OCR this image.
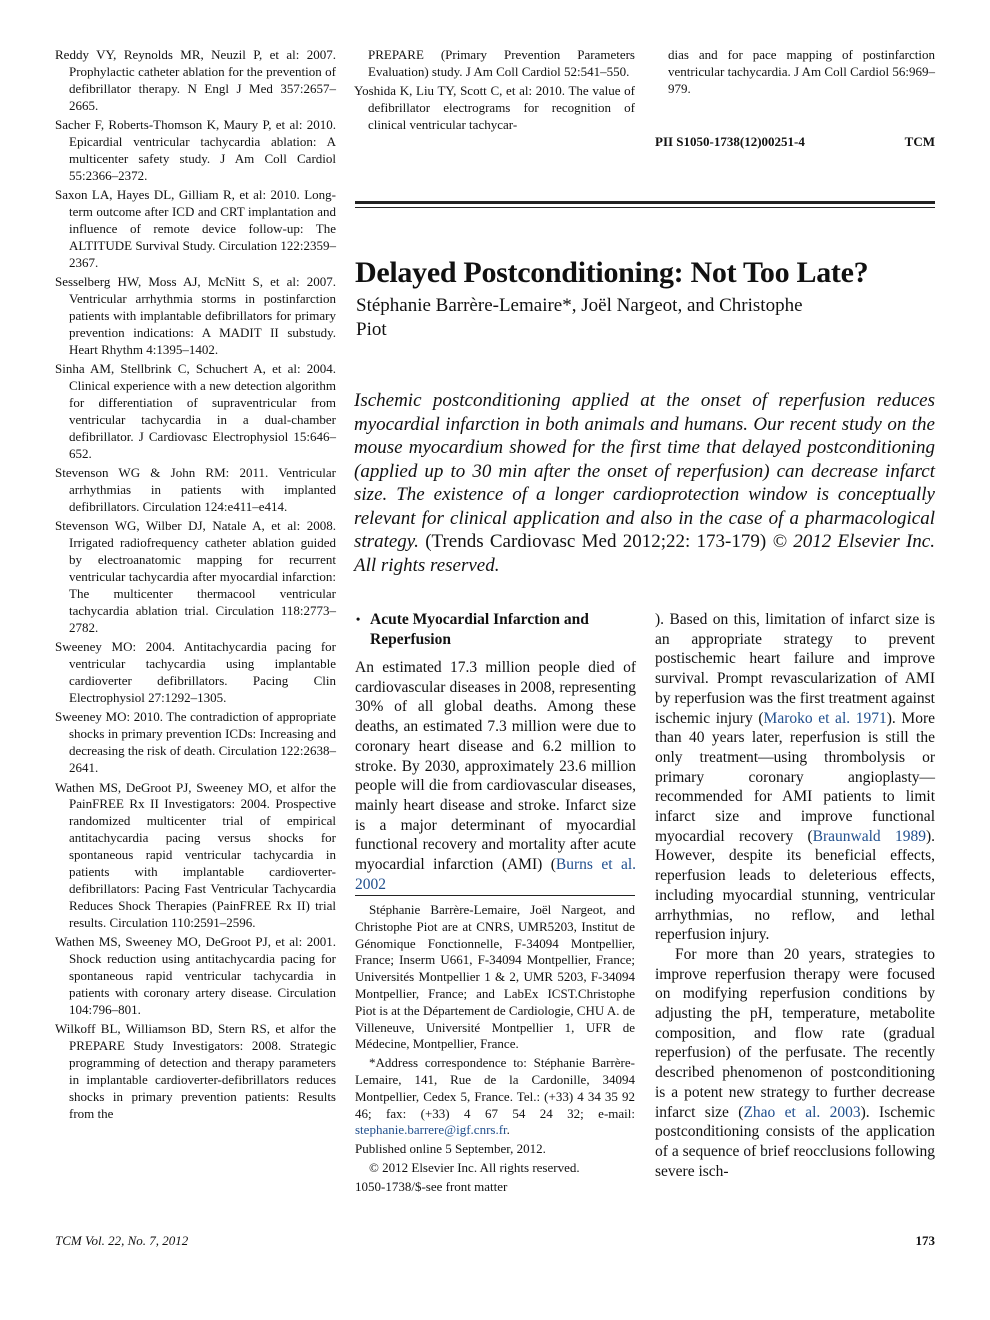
Reddy VY, Reynolds MR, Neuzil P, et al: 2007. Prophylactic catheter ablation for the prevention of defibrillator therapy. N Engl J Med 357:2657–2665.

Sacher F, Roberts-Thomson K, Maury P, et al: 2010. Epicardial ventricular tachycardia ablation: A multicenter safety study. J Am Coll Cardiol 55:2366–2372.

Saxon LA, Hayes DL, Gilliam R, et al: 2010. Long-term outcome after ICD and CRT implantation and influence of remote device follow-up: The ALTITUDE Survival Study. Circulation 122:2359–2367.

Sesselberg HW, Moss AJ, McNitt S, et al: 2007. Ventricular arrhythmia storms in postinfarction patients with implantable defibrillators for primary prevention indications: A MADIT II substudy. Heart Rhythm 4:1395–1402.

Sinha AM, Stellbrink C, Schuchert A, et al: 2004. Clinical experience with a new detection algorithm for differentiation of supraventricular from ventricular tachycardia in a dual-chamber defibrillator. J Cardiovasc Electrophysiol 15:646–652.

Stevenson WG & John RM: 2011. Ventricular arrhythmias in patients with implanted defibrillators. Circulation 124:e411–e414.

Stevenson WG, Wilber DJ, Natale A, et al: 2008. Irrigated radiofrequency catheter ablation guided by electroanatomic mapping for recurrent ventricular tachycardia after myocardial infarction: The multicenter thermacool ventricular tachycardia ablation trial. Circulation 118:2773–2782.

Sweeney MO: 2004. Antitachycardia pacing for ventricular tachycardia using implantable cardioverter defibrillators. Pacing Clin Electrophysiol 27:1292–1305.

Sweeney MO: 2010. The contradiction of appropriate shocks in primary prevention ICDs: Increasing and decreasing the risk of death. Circulation 122:2638–2641.

Wathen MS, DeGroot PJ, Sweeney MO, et alfor the PainFREE Rx II Investigators: 2004. Prospective randomized multicenter trial of empirical antitachycardia pacing versus shocks for spontaneous rapid ventricular tachycardia in patients with implantable cardioverter-defibrillators: Pacing Fast Ventricular Tachycardia Reduces Shock Therapies (PainFREE Rx II) trial results. Circulation 110:2591–2596.

Wathen MS, Sweeney MO, DeGroot PJ, et al: 2001. Shock reduction using antitachycardia pacing for spontaneous rapid ventricular tachycardia in patients with coronary artery disease. Circulation 104:796–801.

Wilkoff BL, Williamson BD, Stern RS, et alfor the PREPARE Study Investigators: 2008. Strategic programming of detection and therapy parameters in implantable cardioverter-defibrillators reduces shocks in primary prevention patients: Results from the

PREPARE (Primary Prevention Parameters Evaluation) study. J Am Coll Cardiol 52:541–550.

Yoshida K, Liu TY, Scott C, et al: 2010. The value of defibrillator electrograms for recognition of clinical ventricular tachycar-

dias and for pace mapping of postinfarction ventricular tachycardia. J Am Coll Cardiol 56:969–979.

PII S1050-1738(12)00251-4	TCM
Delayed Postconditioning: Not Too Late?

Stéphanie Barrère-Lemaire*, Joël Nargeot, and Christophe Piot

Ischemic postconditioning applied at the onset of reperfusion reduces myocardial infarction in both animals and humans. Our recent study on the mouse myocardium showed for the first time that delayed postconditioning (applied up to 30 min after the onset of reperfusion) can decrease infarct size. The existence of a longer cardioprotection window is conceptually relevant for clinical application and also in the case of a pharmacological strategy. (Trends Cardiovasc Med 2012;22: 173-179) © 2012 Elsevier Inc. All rights reserved.

• Acute Myocardial Infarction and Reperfusion

An estimated 17.3 million people died of cardiovascular diseases in 2008, representing 30% of all global deaths. Among these deaths, an estimated 7.3 million were due to coronary heart disease and 6.2 million to stroke. By 2030, approximately 23.6 million people will die from cardiovascular diseases, mainly heart disease and stroke. Infarct size is a major determinant of myocardial functional recovery and mortality after acute myocardial infarction (AMI) (Burns et al. 2002

Stéphanie Barrère-Lemaire, Joël Nargeot, and Christophe Piot are at CNRS, UMR5203, Institut de Génomique Fonctionnelle, F-34094 Montpellier, France; Inserm U661, F-34094 Montpellier, France; Universités Montpellier 1 & 2, UMR 5203, F-34094 Montpellier, France; and LabEx ICST.Christophe Piot is at the Département de Cardiologie, CHU A. de Villeneuve, Université Montpellier 1, UFR de Médecine, Montpellier, France.

*Address correspondence to: Stéphanie Barrère-Lemaire, 141, Rue de la Cardonille, 34094 Montpellier, Cedex 5, France. Tel.: (+33) 4 34 35 92 46; fax: (+33) 4 67 54 24 32; e-mail: stephanie.barrere@igf.cnrs.fr.

Published online 5 September, 2012.

© 2012 Elsevier Inc. All rights reserved.

1050-1738/$-see front matter

). Based on this, limitation of infarct size is an appropriate strategy to prevent postischemic heart failure and improve survival. Prompt revascularization of AMI by reperfusion was the first treatment against ischemic injury (Maroko et al. 1971). More than 40 years later, reperfusion is still the only treatment—using thrombolysis or primary coronary angioplasty—recommended for AMI patients to limit infarct size and improve functional myocardial recovery (Braunwald 1989). However, despite its beneficial effects, reperfusion leads to deleterious effects, including myocardial stunning, ventricular arrhythmias, no reflow, and lethal reperfusion injury.

For more than 20 years, strategies to improve reperfusion therapy were focused on modifying reperfusion conditions by adjusting the pH, temperature, metabolite composition, and flow rate (gradual reperfusion) of the perfusate. The recently described phenomenon of postconditioning is a potent new strategy to further decrease infarct size (Zhao et al. 2003). Ischemic postconditioning consists of the application of a sequence of brief reocclusions following severe isch-

TCM Vol. 22, No. 7, 2012	173
